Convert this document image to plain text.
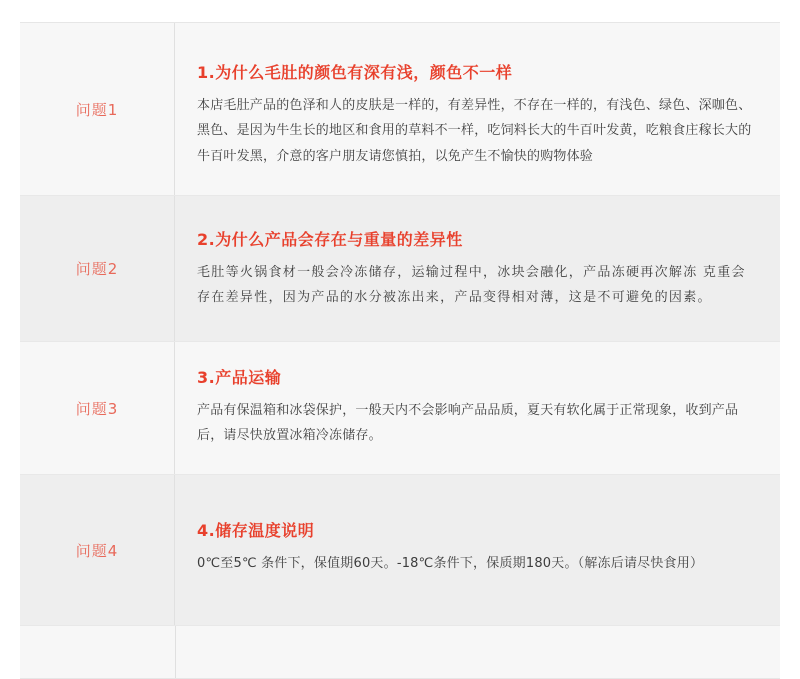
问题1

1.为什么毛肚的颜色有深有浅，颜色不一样

本店毛肚产品的色泽和人的皮肤是一样的，有差异性，不存在一样的，有浅色、绿色、深咖色、黑色、是因为牛生长的地区和食用的草料不一样，吃饲料长大的牛百叶发黄，吃粮食庄稼长大的牛百叶发黑，介意的客户朋友请您慎拍，以免产生不愉快的购物体验

问题2

2.为什么产品会存在与重量的差异性

毛肚等火锅食材一般会冷冻储存，运输过程中，冰块会融化，产品冻硬再次解冻 克重会存在差异性，因为产品的水分被冻出来，产品变得相对薄，这是不可避免的因素。

问题3

3.产品运输

产品有保温箱和冰袋保护，一般天内不会影响产品品质，夏天有软化属于正常现象，收到产品后，请尽快放置冰箱冷冻储存。

问题4

4.储存温度说明

0℃至5℃ 条件下，保值期60天。-18℃条件下，保质期180天。（解冻后请尽快食用）
